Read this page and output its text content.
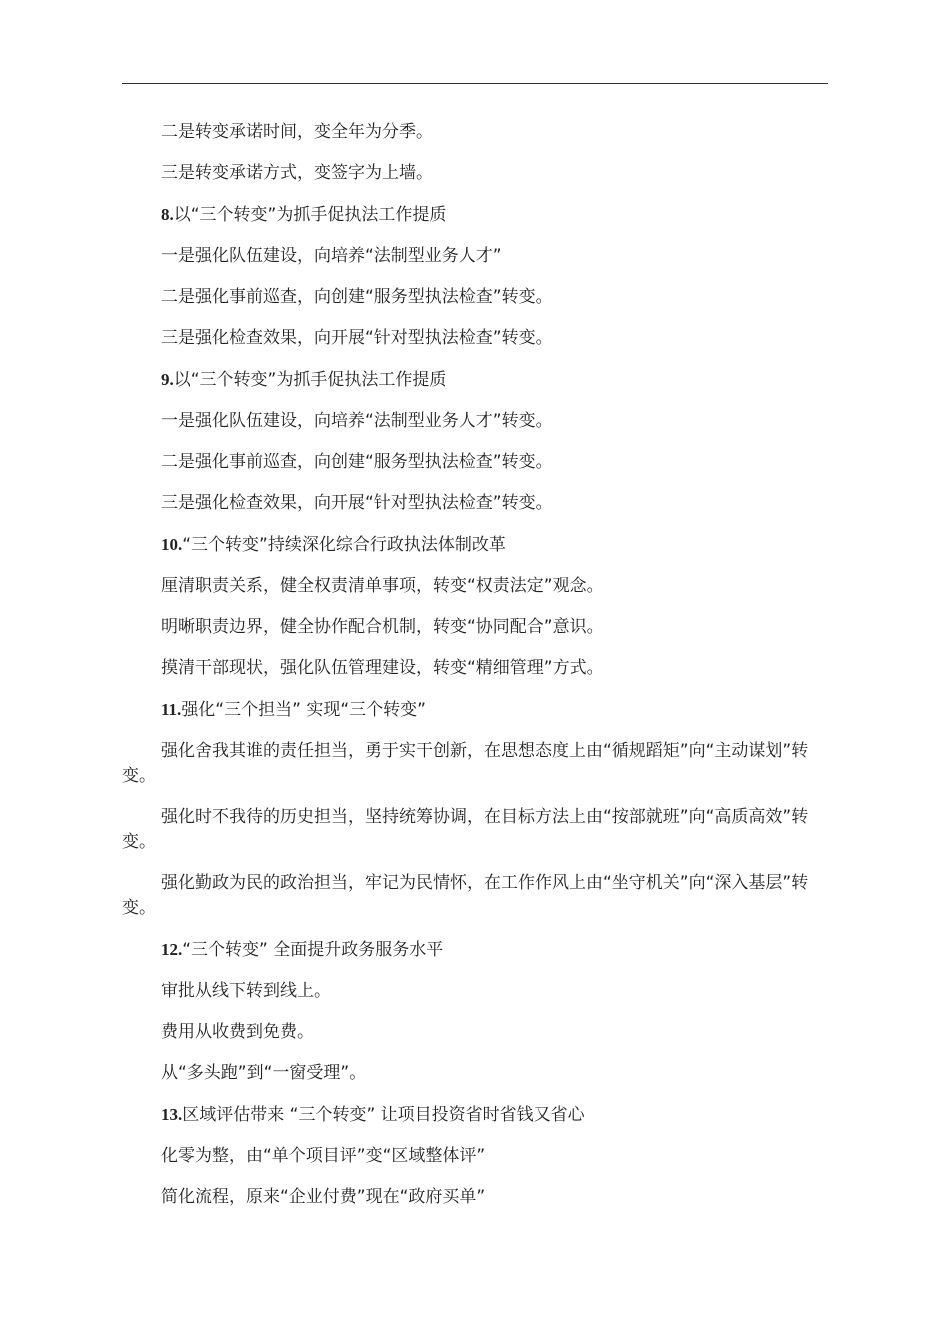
二是转变承诺时间，变全年为分季。

三是转变承诺方式，变签字为上墙。

8.以“三个转变”为抓手促执法工作提质

一是强化队伍建设，向培养“法制型业务人才”

二是强化事前巡查，向创建“服务型执法检查”转变。

三是强化检查效果，向开展“针对型执法检查”转变。

9.以“三个转变”为抓手促执法工作提质

一是强化队伍建设，向培养“法制型业务人才”转变。

二是强化事前巡查，向创建“服务型执法检查”转变。

三是强化检查效果，向开展“针对型执法检查”转变。

10.“三个转变”持续深化综合行政执法体制改革

厘清职责关系，健全权责清单事项，转变“权责法定”观念。

明晰职责边界，健全协作配合机制，转变“协同配合”意识。

摸清干部现状，强化队伍管理建设，转变“精细管理”方式。

11.强化“三个担当” 实现“三个转变”

强化舍我其谁的责任担当，勇于实干创新，在思想态度上由“循规蹈矩”向“主动谋划”转变。

强化时不我待的历史担当，坚持统筹协调，在目标方法上由“按部就班”向“高质高效”转变。

强化勤政为民的政治担当，牢记为民情怀，在工作作风上由“坐守机关”向“深入基层”转变。

12.“三个转变” 全面提升政务服务水平

审批从线下转到线上。

费用从收费到免费。

从“多头跑”到“一窗受理”。

13.区域评估带来 “三个转变” 让项目投资省时省钱又省心

化零为整，由“单个项目评”变“区域整体评”

简化流程，原来“企业付费”现在“政府买单”
